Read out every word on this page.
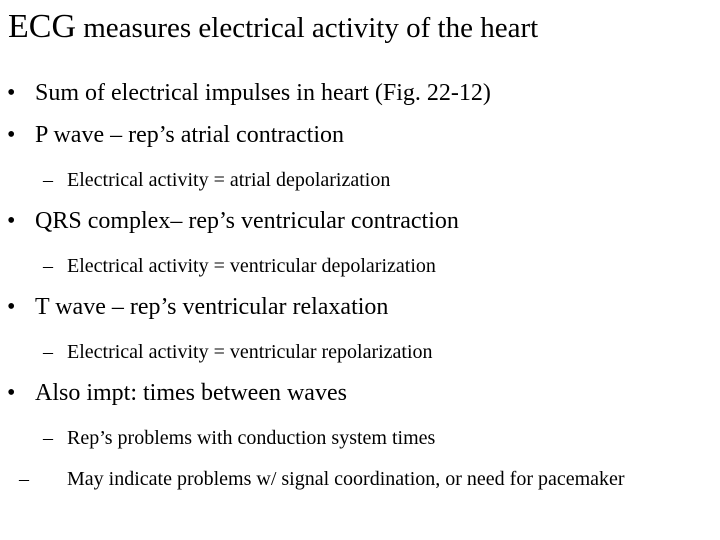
ECG measures electrical activity of the heart
• Sum of electrical impulses in heart (Fig. 22-12)
• P wave – rep’s atrial contraction
– Electrical activity = atrial depolarization
• QRS complex– rep’s ventricular contraction
– Electrical activity = ventricular depolarization
• T wave – rep’s ventricular relaxation
– Electrical activity = ventricular repolarization
• Also impt: times between waves
– Rep’s problems with conduction system times
– May indicate problems w/ signal coordination, or need for pacemaker
